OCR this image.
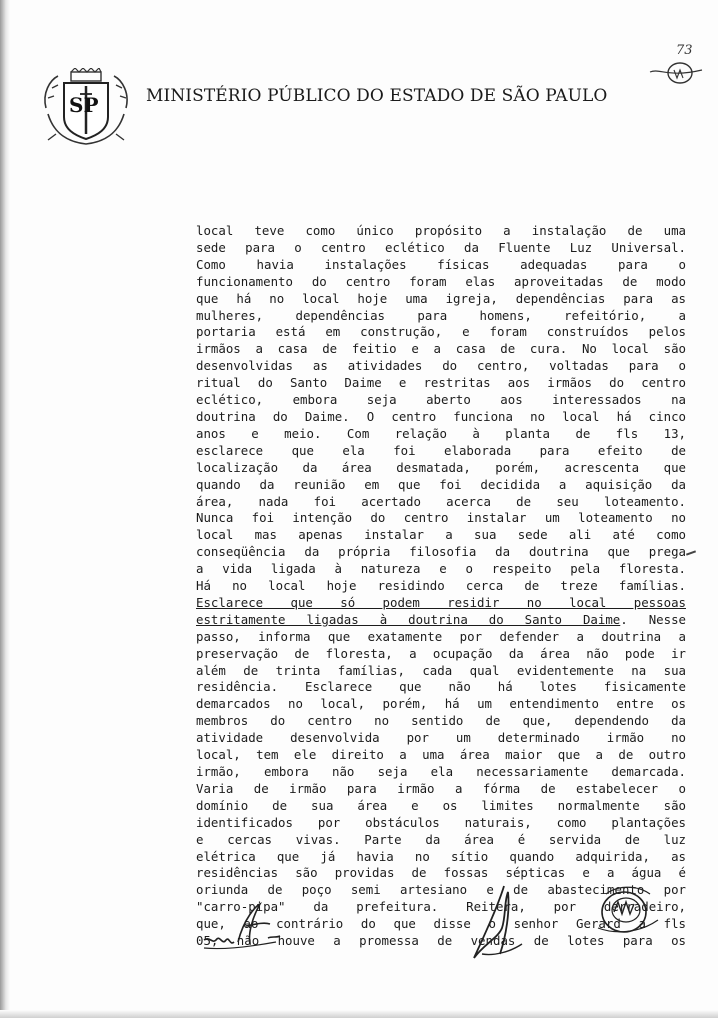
SP	MINISTÉRIO PÚBLICO DO ESTADO DE SÃO PAULO
73
local teve como único propósito a instalação de uma
sede para o centro eclético da Fluente Luz Universal.
Como havia instalações físicas adequadas para o
funcionamento do centro foram elas aproveitadas de modo
que há no local hoje uma igreja, dependências para as
mulheres, dependências para homens, refeitório, a
portaria está em construção, e foram construídos pelos
irmãos a casa de feitio e a casa de cura. No local são
desenvolvidas as atividades do centro, voltadas para o
ritual do Santo Daime e restritas aos irmãos do centro
eclético, embora seja aberto aos interessados na
doutrina do Daime. O centro funciona no local há cinco
anos e meio. Com relação à planta de fls 13,
esclarece que ela foi elaborada para efeito de
localização da área desmatada, porém, acrescenta que
quando da reunião em que foi decidida a aquisição da
área, nada foi acertado acerca de seu loteamento.
Nunca foi intenção do centro instalar um loteamento no
local mas apenas instalar a sua sede ali até como
conseqüência da própria filosofia da doutrina que prega
a vida ligada à natureza e o respeito pela floresta.
Há no local hoje residindo cerca de treze famílias.
Esclarece que só podem residir no local pessoas
estritamente ligadas à doutrina do Santo Daime. Nesse
passo, informa que exatamente por defender a doutrina a
preservação de floresta, a ocupação da área não pode ir
além de trinta famílias, cada qual evidentemente na sua
residência. Esclarece que não há lotes fisicamente
demarcados no local, porém, há um entendimento entre os
membros do centro no sentido de que, dependendo da
atividade desenvolvida por um determinado irmão no
local, tem ele direito a uma área maior que a de outro
irmão, embora não seja ela necessariamente demarcada.
Varia de irmão para irmão a fórma de estabelecer o
domínio de sua área e os limites normalmente são
identificados por obstáculos naturais, como plantações
e cercas vivas. Parte da área é servida de luz
elétrica que já havia no sítio quando adquirida, as
residências são providas de fossas sépticas e a água é
oriunda de poço semi artesiano e de abastecimento por
"carro-pipa" da prefeitura. Reitera, por derradeiro,
que, ao contrário do que disse o senhor Gerard a fls
05, não houve a promessa de vendas de lotes para os
